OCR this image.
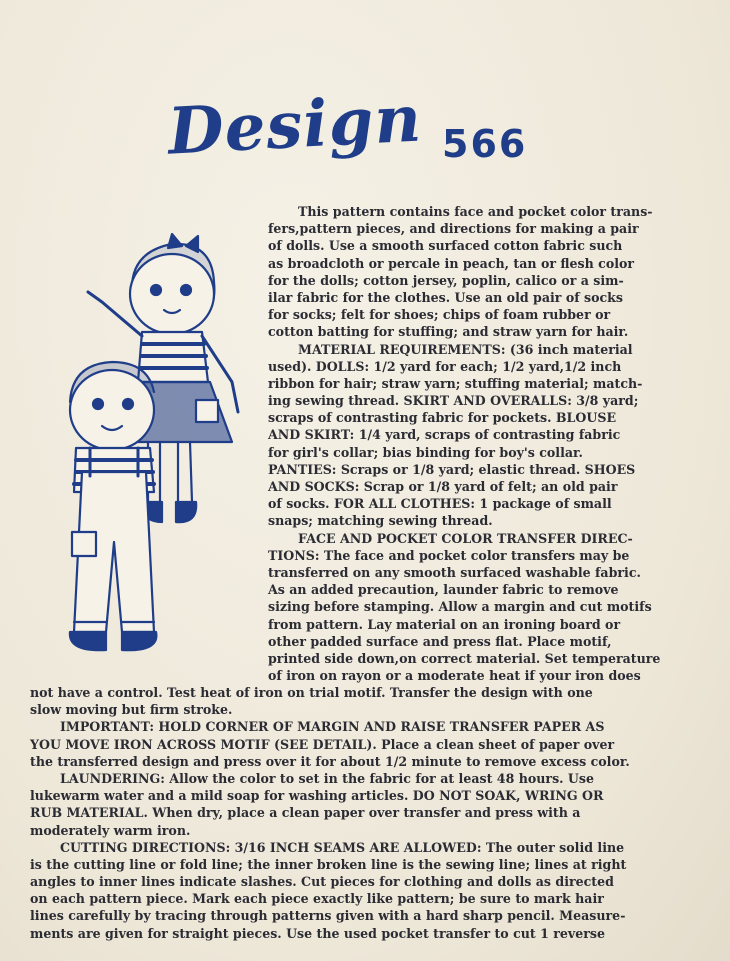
Design 566
This pattern contains face and pocket color trans-
fers,pattern pieces, and directions for making a pair
of dolls. Use a smooth surfaced cotton fabric such
as broadcloth or percale in peach, tan or flesh color
for the dolls; cotton jersey, poplin, calico or a sim-
ilar fabric for the clothes. Use an old pair of socks
for socks; felt for shoes; chips of foam rubber or
cotton batting for stuffing; and straw yarn for hair.
MATERIAL REQUIREMENTS: (36 inch material
used). DOLLS: 1/2 yard for each; 1/2 yard,1/2 inch
ribbon for hair; straw yarn; stuffing material; match-
ing sewing thread. SKIRT AND OVERALLS: 3/8 yard;
scraps of contrasting fabric for pockets. BLOUSE
AND SKIRT: 1/4 yard, scraps of contrasting fabric
for girl's collar; bias binding for boy's collar.
PANTIES: Scraps or 1/8 yard; elastic thread. SHOES
AND SOCKS: Scrap or 1/8 yard of felt; an old pair
of socks. FOR ALL CLOTHES: 1 package of small
snaps; matching sewing thread.
FACE AND POCKET COLOR TRANSFER DIREC-
TIONS: The face and pocket color transfers may be
transferred on any smooth surfaced washable fabric.
As an added precaution, launder fabric to remove
sizing before stamping. Allow a margin and cut motifs
from pattern. Lay material on an ironing board or
other padded surface and press flat. Place motif,
printed side down,on correct material. Set temperature
of iron on rayon or a moderate heat if your iron does
not have a control. Test heat of iron on trial motif. Transfer the design with one
slow moving but firm stroke.
IMPORTANT: HOLD CORNER OF MARGIN AND RAISE TRANSFER PAPER AS
YOU MOVE IRON ACROSS MOTIF (SEE DETAIL). Place a clean sheet of paper over
the transferred design and press over it for about 1/2 minute to remove excess color.
LAUNDERING: Allow the color to set in the fabric for at least 48 hours. Use
lukewarm water and a mild soap for washing articles. DO NOT SOAK, WRING OR
RUB MATERIAL. When dry, place a clean paper over transfer and press with a
moderately warm iron.
CUTTING DIRECTIONS: 3/16 INCH SEAMS ARE ALLOWED: The outer solid line
is the cutting line or fold line; the inner broken line is the sewing line; lines at right
angles to inner lines indicate slashes. Cut pieces for clothing and dolls as directed
on each pattern piece. Mark each piece exactly like pattern; be sure to mark hair
lines carefully by tracing through patterns given with a hard sharp pencil. Measure-
ments are given for straight pieces. Use the used pocket transfer to cut 1 reverse
